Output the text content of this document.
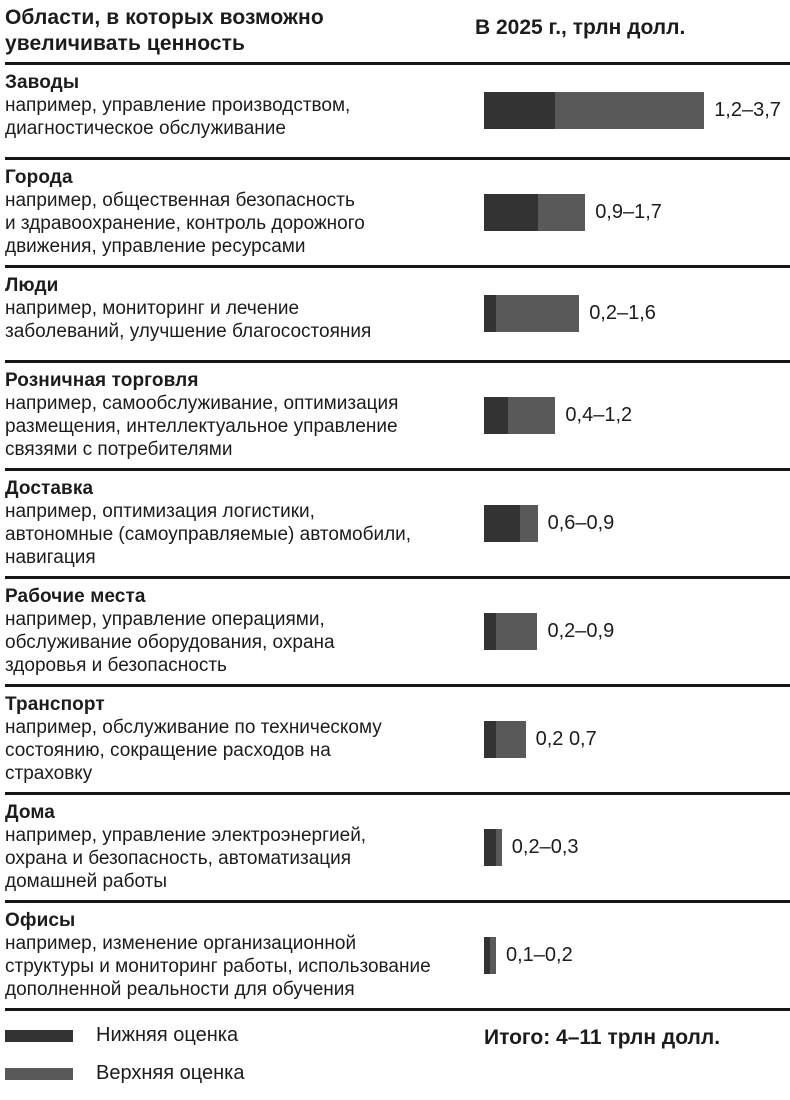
Области, в которых возможно
увеличивать ценность
В 2025 г., трлн долл.
Заводы
например, управление производством,
диагностическое обслуживание
1,2–3,7
Города
например, общественная безопасность
и здравоохранение, контроль дорожного
движения, управление ресурсами
0,9–1,7
Люди
например, мониторинг и лечение
заболеваний, улучшение благосостояния
0,2–1,6
Розничная торговля
например, самообслуживание, оптимизация
размещения, интеллектуальное управление
связями с потребителями
0,4–1,2
Доставка
например, оптимизация логистики,
автономные (самоуправляемые) автомобили,
навигация
0,6–0,9
Рабочие места
например, управление операциями,
обслуживание оборудования, охрана
здоровья и безопасность
0,2–0,9
Транспорт
например, обслуживание по техническому
состоянию, сокращение расходов на
страховку
0,2 0,7
Дома
например, управление электроэнергией,
охрана и безопасность, автоматизация
домашней работы
0,2–0,3
Офисы
например, изменение организационной
структуры и мониторинг работы, использование
дополненной реальности для обучения
0,1–0,2
Нижняя оценка
Верхняя оценка
Итого: 4–11 трлн долл.
